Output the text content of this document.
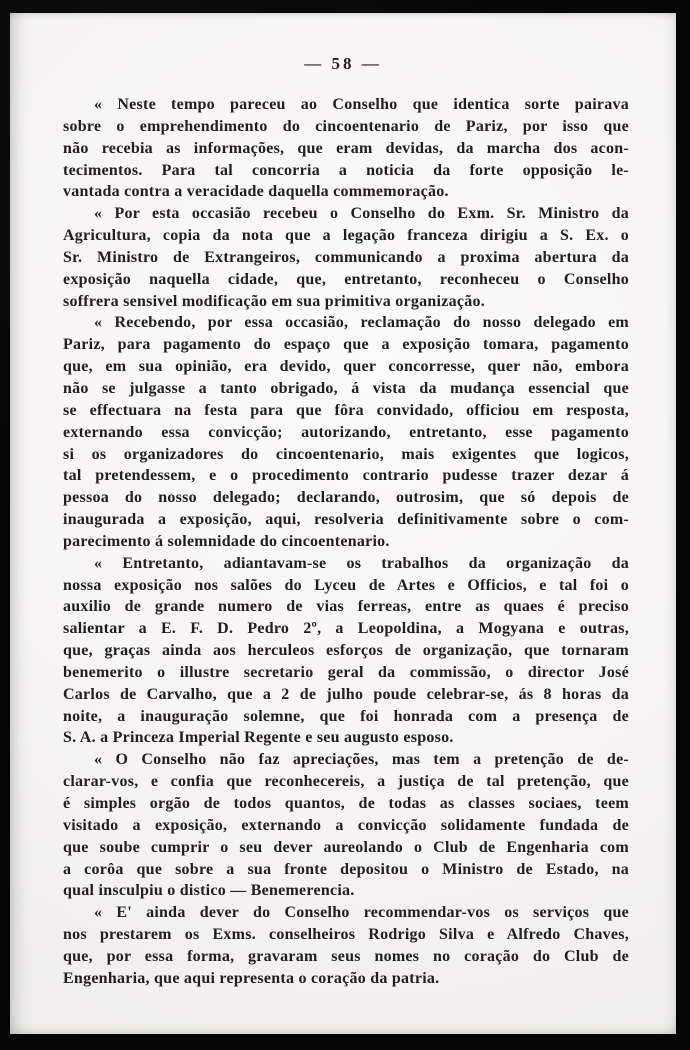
— 58 —

« Neste tempo pareceu ao Conselho que identica sorte pairava
sobre o emprehendimento do cincoentenario de Pariz, por isso que
não recebia as informações, que eram devidas, da marcha dos acon-
tecimentos. Para tal concorria a noticia da forte opposição le-
vantada contra a veracidade daquella commemoração.

« Por esta occasião recebeu o Conselho do Exm. Sr. Ministro da
Agricultura, copia da nota que a legação franceza dirigiu a S. Ex. o
Sr. Ministro de Extrangeiros, communicando a proxima abertura da
exposição naquella cidade, que, entretanto, reconheceu o Conselho
soffrera sensivel modificação em sua primitiva organização.

« Recebendo, por essa occasião, reclamação do nosso delegado em
Pariz, para pagamento do espaço que a exposição tomara, pagamento
que, em sua opinião, era devido, quer concorresse, quer não, embora
não se julgasse a tanto obrigado, á vista da mudança essencial que
se effectuara na festa para que fôra convidado, officiou em resposta,
externando essa convicção; autorizando, entretanto, esse pagamento
si os organizadores do cincoentenario, mais exigentes que logicos,
tal pretendessem, e o procedimento contrario pudesse trazer dezar á
pessoa do nosso delegado; declarando, outrosim, que só depois de
inaugurada a exposição, aqui, resolveria definitivamente sobre o com-
parecimento á solemnidade do cincoentenario.

« Entretanto, adiantavam-se os trabalhos da organização da
nossa exposição nos salões do Lyceu de Artes e Officios, e tal foi o
auxilio de grande numero de vias ferreas, entre as quaes é preciso
salientar a E. F. D. Pedro 2º, a Leopoldina, a Mogyana e outras,
que, graças ainda aos herculeos esforços de organização, que tornaram
benemerito o illustre secretario geral da commissão, o director José
Carlos de Carvalho, que a 2 de julho poude celebrar-se, ás 8 horas da
noite, a inauguração solemne, que foi honrada com a presença de
S. A. a Princeza Imperial Regente e seu augusto esposo.

« O Conselho não faz apreciações, mas tem a pretenção de de-
clarar-vos, e confia que reconhecereis, a justiça de tal pretenção, que
é simples orgão de todos quantos, de todas as classes sociaes, teem
visitado a exposição, externando a convicção solidamente fundada de
que soube cumprir o seu dever aureolando o Club de Engenharia com
a corôa que sobre a sua fronte depositou o Ministro de Estado, na
qual insculpiu o distico — Benemerencia.

« E' ainda dever do Conselho recommendar-vos os serviços que
nos prestarem os Exms. conselheiros Rodrigo Silva e Alfredo Chaves,
que, por essa forma, gravaram seus nomes no coração do Club de
Engenharia, que aqui representa o coração da patria.
